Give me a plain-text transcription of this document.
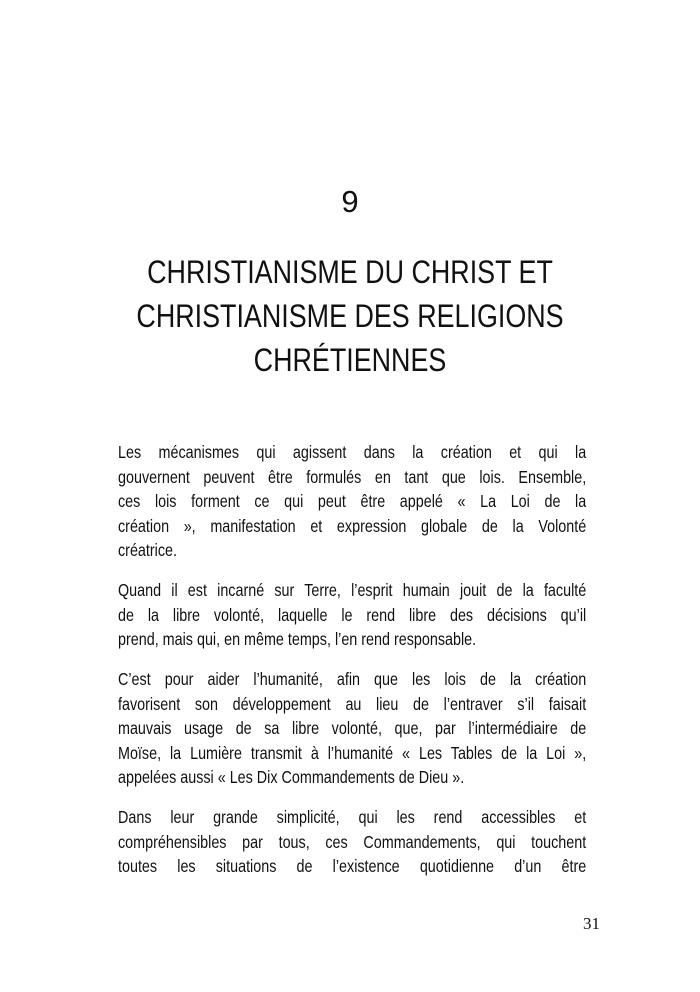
9
CHRISTIANISME DU CHRIST ET
CHRISTIANISME DES RELIGIONS
CHRÉTIENNES
Les mécanismes qui agissent dans la création et qui la
gouvernent peuvent être formulés en tant que lois. Ensemble,
ces lois forment ce qui peut être appelé « La Loi de la
création », manifestation et expression globale de la Volonté
créatrice.
Quand il est incarné sur Terre, l’esprit humain jouit de la faculté
de la libre volonté, laquelle le rend libre des décisions qu’il
prend, mais qui, en même temps, l’en rend responsable.
C’est pour aider l’humanité, afin que les lois de la création
favorisent son développement au lieu de l’entraver s’il faisait
mauvais usage de sa libre volonté, que, par l’intermédiaire de
Moïse, la Lumière transmit à l’humanité « Les Tables de la Loi »,
appelées aussi « Les Dix Commandements de Dieu ».
Dans leur grande simplicité, qui les rend accessibles et
compréhensibles par tous, ces Commandements, qui touchent
toutes les situations de l’existence quotidienne d’un être
31
